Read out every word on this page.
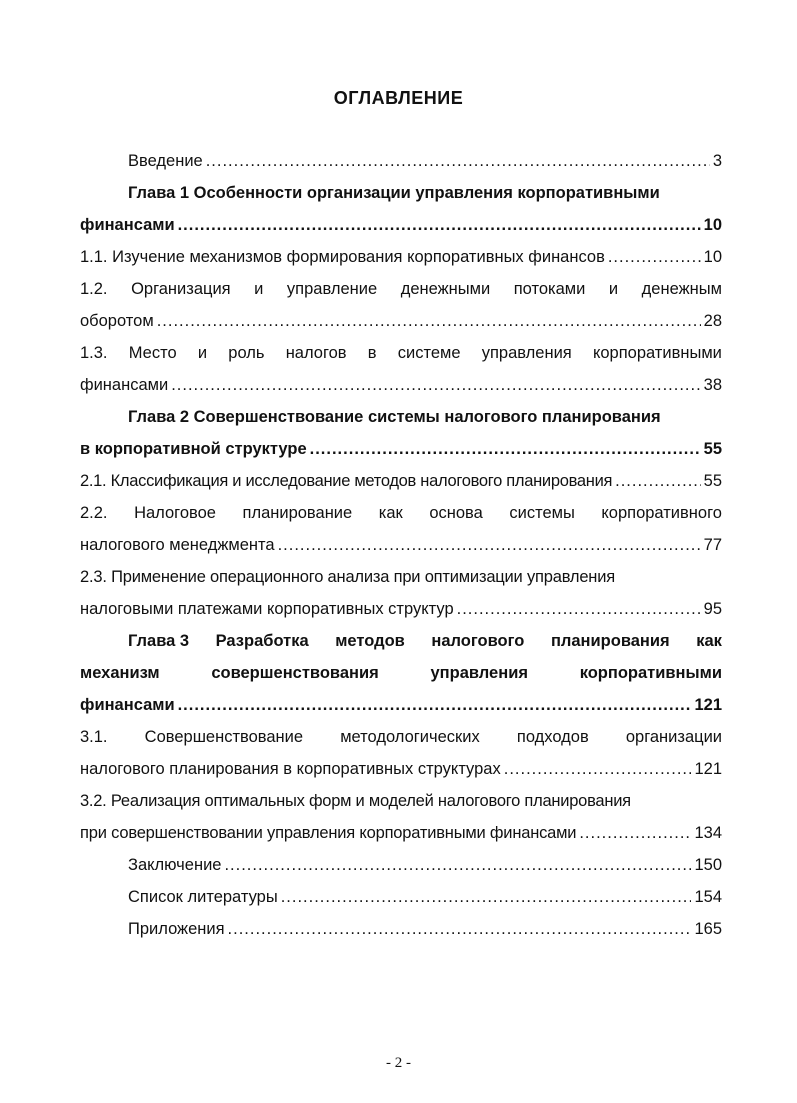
ОГЛАВЛЕНИЕ
Введение .....	3
Глава 1 Особенности организации управления корпоративными
финансами .....	10
1.1. Изучение механизмов формирования корпоративных финансов .....	10
1.2. Организация и управление денежными потоками и денежным
оборотом .....	28
1.3. Место и роль налогов в системе управления корпоративными
финансами .....	38
Глава 2 Совершенствование системы налогового планирования
в корпоративной структуре .....	55
2.1. Классификация и исследование методов налогового планирования .....	55
2.2. Налоговое планирование как основа системы корпоративного
налогового менеджмента .....	77
2.3. Применение операционного анализа при оптимизации управления
налоговыми платежами корпоративных структур .....	95
Глава 3 Разработка методов налогового планирования как
механизм	совершенствования	управления	корпоративными
финансами .....	121
3.1. Совершенствование методологических подходов организации
налогового планирования в корпоративных структурах .....	121
3.2. Реализация оптимальных форм и моделей налогового планирования
при совершенствовании управления корпоративными финансами .....	134
Заключение .....	150
Список литературы .....	154
Приложения .....	165
- 2 -
